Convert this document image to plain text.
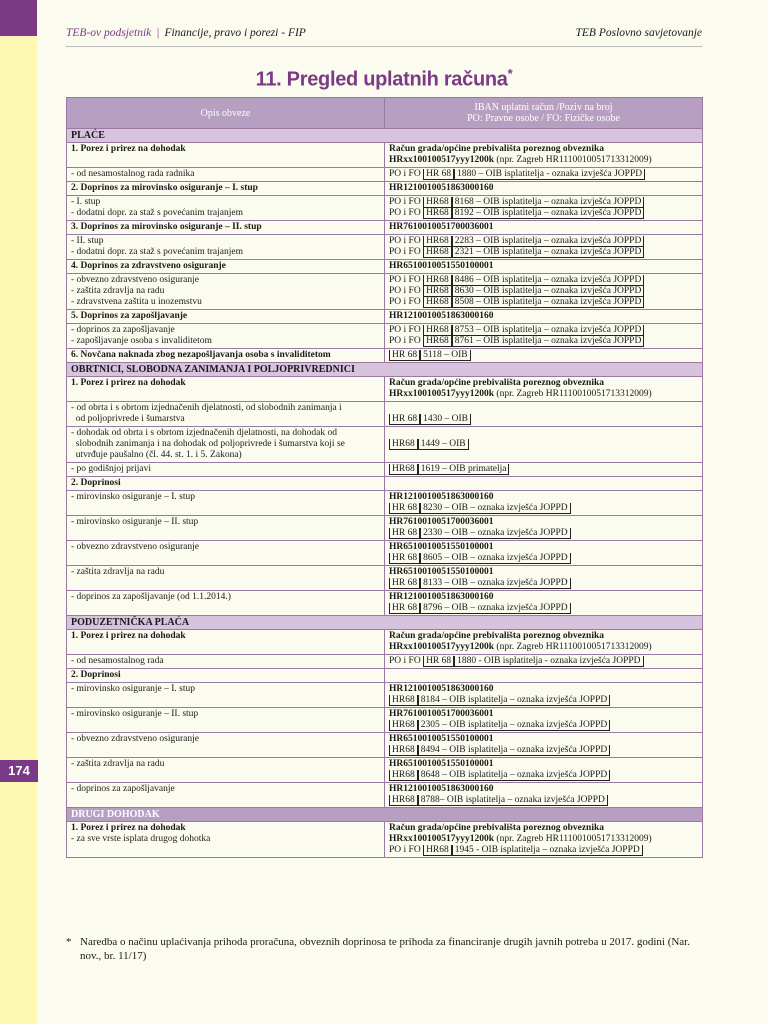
174
TEB-ov podsjetnik | Financije, pravo i porezi - FIP	TEB Poslovno savjetovanje
11. Pregled uplatnih računa*
Opis obveze	IBAN uplatni račun /Poziv na broj
PO: Pravne osobe / FO: Fizičke osobe

PLAĆE	

1. Porez i prirez na dohodak	Račun grada/općine prebivališta poreznog obveznika
HRxx100100517yyy1200k (npr. Zagreb HR1110010051713312009)

- od nesamostalnog rada radnika	PO i FO HR 68 1880 – OIB isplatitelja - oznaka izvješća JOPPD

2. Doprinos za mirovinsko osiguranje – I. stup	HR1210010051863000160

- I. stup
- dodatni dopr. za staž s povećanim trajanjem	PO i FO HR68 8168 – OIB isplatitelja – oznaka izvješća JOPPD
PO i FO HR68 8192 – OIB isplatitelja – oznaka izvješća JOPPD

3. Doprinos za mirovinsko osiguranje – II. stup	HR7610010051700036001

- II. stup
- dodatni dopr. za staž s povećanim trajanjem	PO i FO HR68 2283 – OIB isplatitelja – oznaka izvješća JOPPD
PO i FO HR68 2321 – OIB isplatitelja – oznaka izvješća JOPPD

4. Doprinos za zdravstveno osiguranje	HR6510010051550100001

- obvezno zdravstveno osiguranje
- zaštita zdravlja na radu
- zdravstvena zaštita u inozemstvu	PO i FO HR68 8486 – OIB isplatitelja – oznaka izvješća JOPPD
PO i FO HR68 8630 – OIB isplatitelja – oznaka izvješća JOPPD
PO i FO HR68 8508 – OIB isplatitelja – oznaka izvješća JOPPD

5. Doprinos za zapošljavanje	HR1210010051863000160

- doprinos za zapošljavanje
- zapošljavanje osoba s invaliditetom	PO i FO HR68 8753 – OIB isplatitelja – oznaka izvješća JOPPD
PO i FO HR68 8761 – OIB isplatitelja – oznaka izvješća JOPPD

6. Novčana naknada zbog nezapošljavanja osoba s invaliditetom	HR 68 5118 – OIB

OBRTNICI, SLOBODNA ZANIMANJA I POLJOPRIVREDNICI	

1. Porez i prirez na dohodak	Račun grada/općine prebivališta poreznog obveznika
HRxx100100517yyy1200k (npr. Zagreb HR1110010051713312009)

- od obrta i s obrtom izjednačenih djelatnosti, od slobodnih zanimanja i
od poljoprivrede i šumarstva	HR 68 1430 – OIB

- dohodak od obrta i s obrtom izjednačenih djelatnosti, na dohodak od
slobodnih zanimanja i na dohodak od poljoprivrede i šumarstva koji se
utvrđuje paušalno (čl. 44. st. 1. i 5. Zakona)	HR68 1449 – OIB

- po godišnjoj prijavi	HR68 1619 – OIB primatelja

2. Doprinosi	

- mirovinsko osiguranje – I. stup	HR1210010051863000160
HR 68 8230 – OIB – oznaka izvješća JOPPD

- mirovinsko osiguranje – II. stup	HR7610010051700036001
HR 68 2330 – OIB – oznaka izvješća JOPPD

- obvezno zdravstveno osiguranje	HR6510010051550100001
HR 68 8605 – OIB – oznaka izvješća JOPPD

- zaštita zdravlja na radu	HR6510010051550100001
HR 68 8133 – OIB – oznaka izvješća JOPPD

- doprinos za zapošljavanje (od 1.1.2014.)	HR1210010051863000160
HR 68 8796 – OIB – oznaka izvješća JOPPD

PODUZETNIČKA PLAĆA	

1. Porez i prirez na dohodak	Račun grada/općine prebivališta poreznog obveznika
HRxx100100517yyy1200k (npr. Zagreb HR1110010051713312009)

- od nesamostalnog rada	PO i FO HR 68 1880 - OIB isplatitelja - oznaka izvješća JOPPD

2. Doprinosi	

- mirovinsko osiguranje – I. stup	HR1210010051863000160
HR68 8184 – OIB isplatitelja – oznaka izvješća JOPPD

- mirovinsko osiguranje – II. stup	HR7610010051700036001
HR68 2305 – OIB isplatitelja – oznaka izvješća JOPPD

- obvezno zdravstveno osiguranje	HR6510010051550100001
HR68 8494 – OIB isplatitelja – oznaka izvješća JOPPD

- zaštita zdravlja na radu	HR6510010051550100001
HR68 8648 – OIB isplatitelja – oznaka izvješća JOPPD

- doprinos za zapošljavanje	HR1210010051863000160
HR68 8788– OIB isplatitelja – oznaka izvješća JOPPD

DRUGI DOHODAK	

1. Porez i prirez na dohodak
- za sve vrste isplata drugog dohotka	Račun grada/općine prebivališta poreznog obveznika
HRxx100100517yyy1200k (npr. Zagreb HR1110010051713312009)
PO i FO HR68 1945 - OIB isplatitelja – oznaka izvješća JOPPD
* Naredba o načinu uplaćivanja prihoda proračuna, obveznih doprinosa te prihoda za financiranje drugih javnih potreba u 2017. godini (Nar. nov., br. 11/17)
